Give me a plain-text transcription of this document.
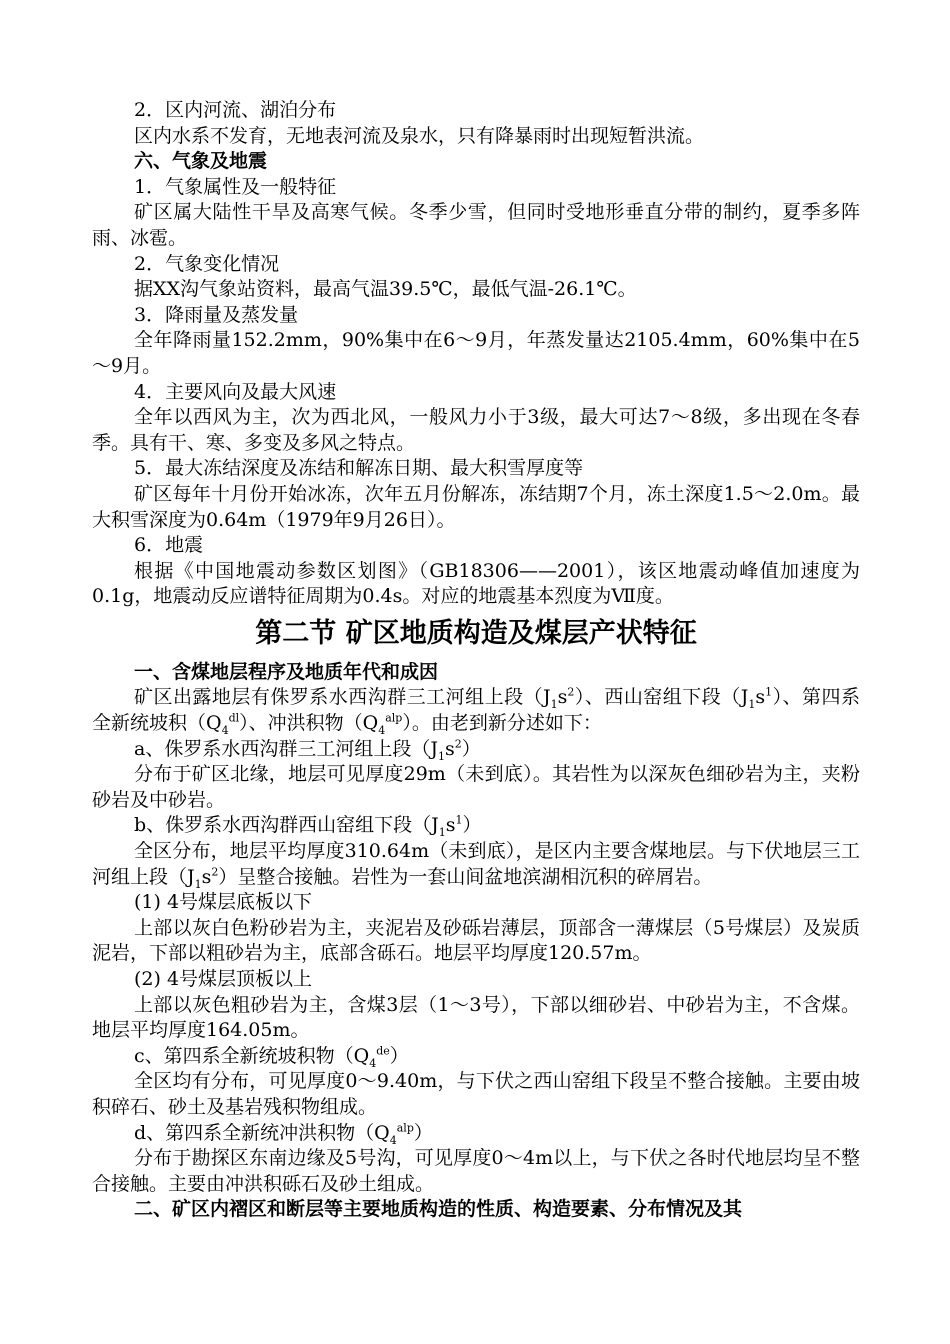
2．区内河流、湖泊分布

区内水系不发育，无地表河流及泉水，只有降暴雨时出现短暂洪流。

六、气象及地震

1．气象属性及一般特征

矿区属大陆性干旱及高寒气候。冬季少雪，但同时受地形垂直分带的制约，夏季多阵雨、冰雹。

2．气象变化情况

据XX沟气象站资料，最高气温39.5℃，最低气温-26.1℃。

3．降雨量及蒸发量

全年降雨量152.2mm，90%集中在6～9月，年蒸发量达2105.4mm，60%集中在5～9月。

4．主要风向及最大风速

全年以西风为主，次为西北风，一般风力小于3级，最大可达7～8级，多出现在冬春季。具有干、寒、多变及多风之特点。

5．最大冻结深度及冻结和解冻日期、最大积雪厚度等

矿区每年十月份开始冰冻，次年五月份解冻，冻结期7个月，冻土深度1.5～2.0m。最大积雪深度为0.64m（1979年9月26日）。

6．地震

根据《中国地震动参数区划图》（GB18306——2001），该区地震动峰值加速度为0.1g，地震动反应谱特征周期为0.4s。对应的地震基本烈度为Ⅶ度。

第二节 矿区地质构造及煤层产状特征

一、含煤地层程序及地质年代和成因

矿区出露地层有侏罗系水西沟群三工河组上段$(J_1s^2)$、西山窑组下段$(J_1s^1)$、第四系全新统坡积$(Q_4^{dl})$、冲洪积物$(Q_4^{alp})$。由老到新分述如下：

a、侏罗系水西沟群三工河组上段$(J_1s^2)$

分布于矿区北缘，地层可见厚度29m（未到底）。其岩性为以深灰色细砂岩为主，夹粉砂岩及中砂岩。

b、侏罗系水西沟群西山窑组下段$(J_1s^1)$

全区分布，地层平均厚度310.64m（未到底），是区内主要含煤地层。与下伏地层三工河组上段$(J_1s^2)$呈整合接触。岩性为一套山间盆地滨湖相沉积的碎屑岩。

(1) 4号煤层底板以下

上部以灰白色粉砂岩为主，夹泥岩及砂砾岩薄层，顶部含一薄煤层（5号煤层）及炭质泥岩，下部以粗砂岩为主，底部含砾石。地层平均厚度120.57m。

(2) 4号煤层顶板以上

上部以灰色粗砂岩为主，含煤3层（1～3号），下部以细砂岩、中砂岩为主，不含煤。地层平均厚度164.05m。

c、第四系全新统坡积物$(Q_4^{de})$

全区均有分布，可见厚度0～9.40m，与下伏之西山窑组下段呈不整合接触。主要由坡积碎石、砂土及基岩残积物组成。

d、第四系全新统冲洪积物$(Q_4^{alp})$

分布于勘探区东南边缘及5号沟，可见厚度0～4m以上，与下伏之各时代地层均呈不整合接触。主要由冲洪积砾石及砂土组成。

二、矿区内褶区和断层等主要地质构造的性质、构造要素、分布情况及其
